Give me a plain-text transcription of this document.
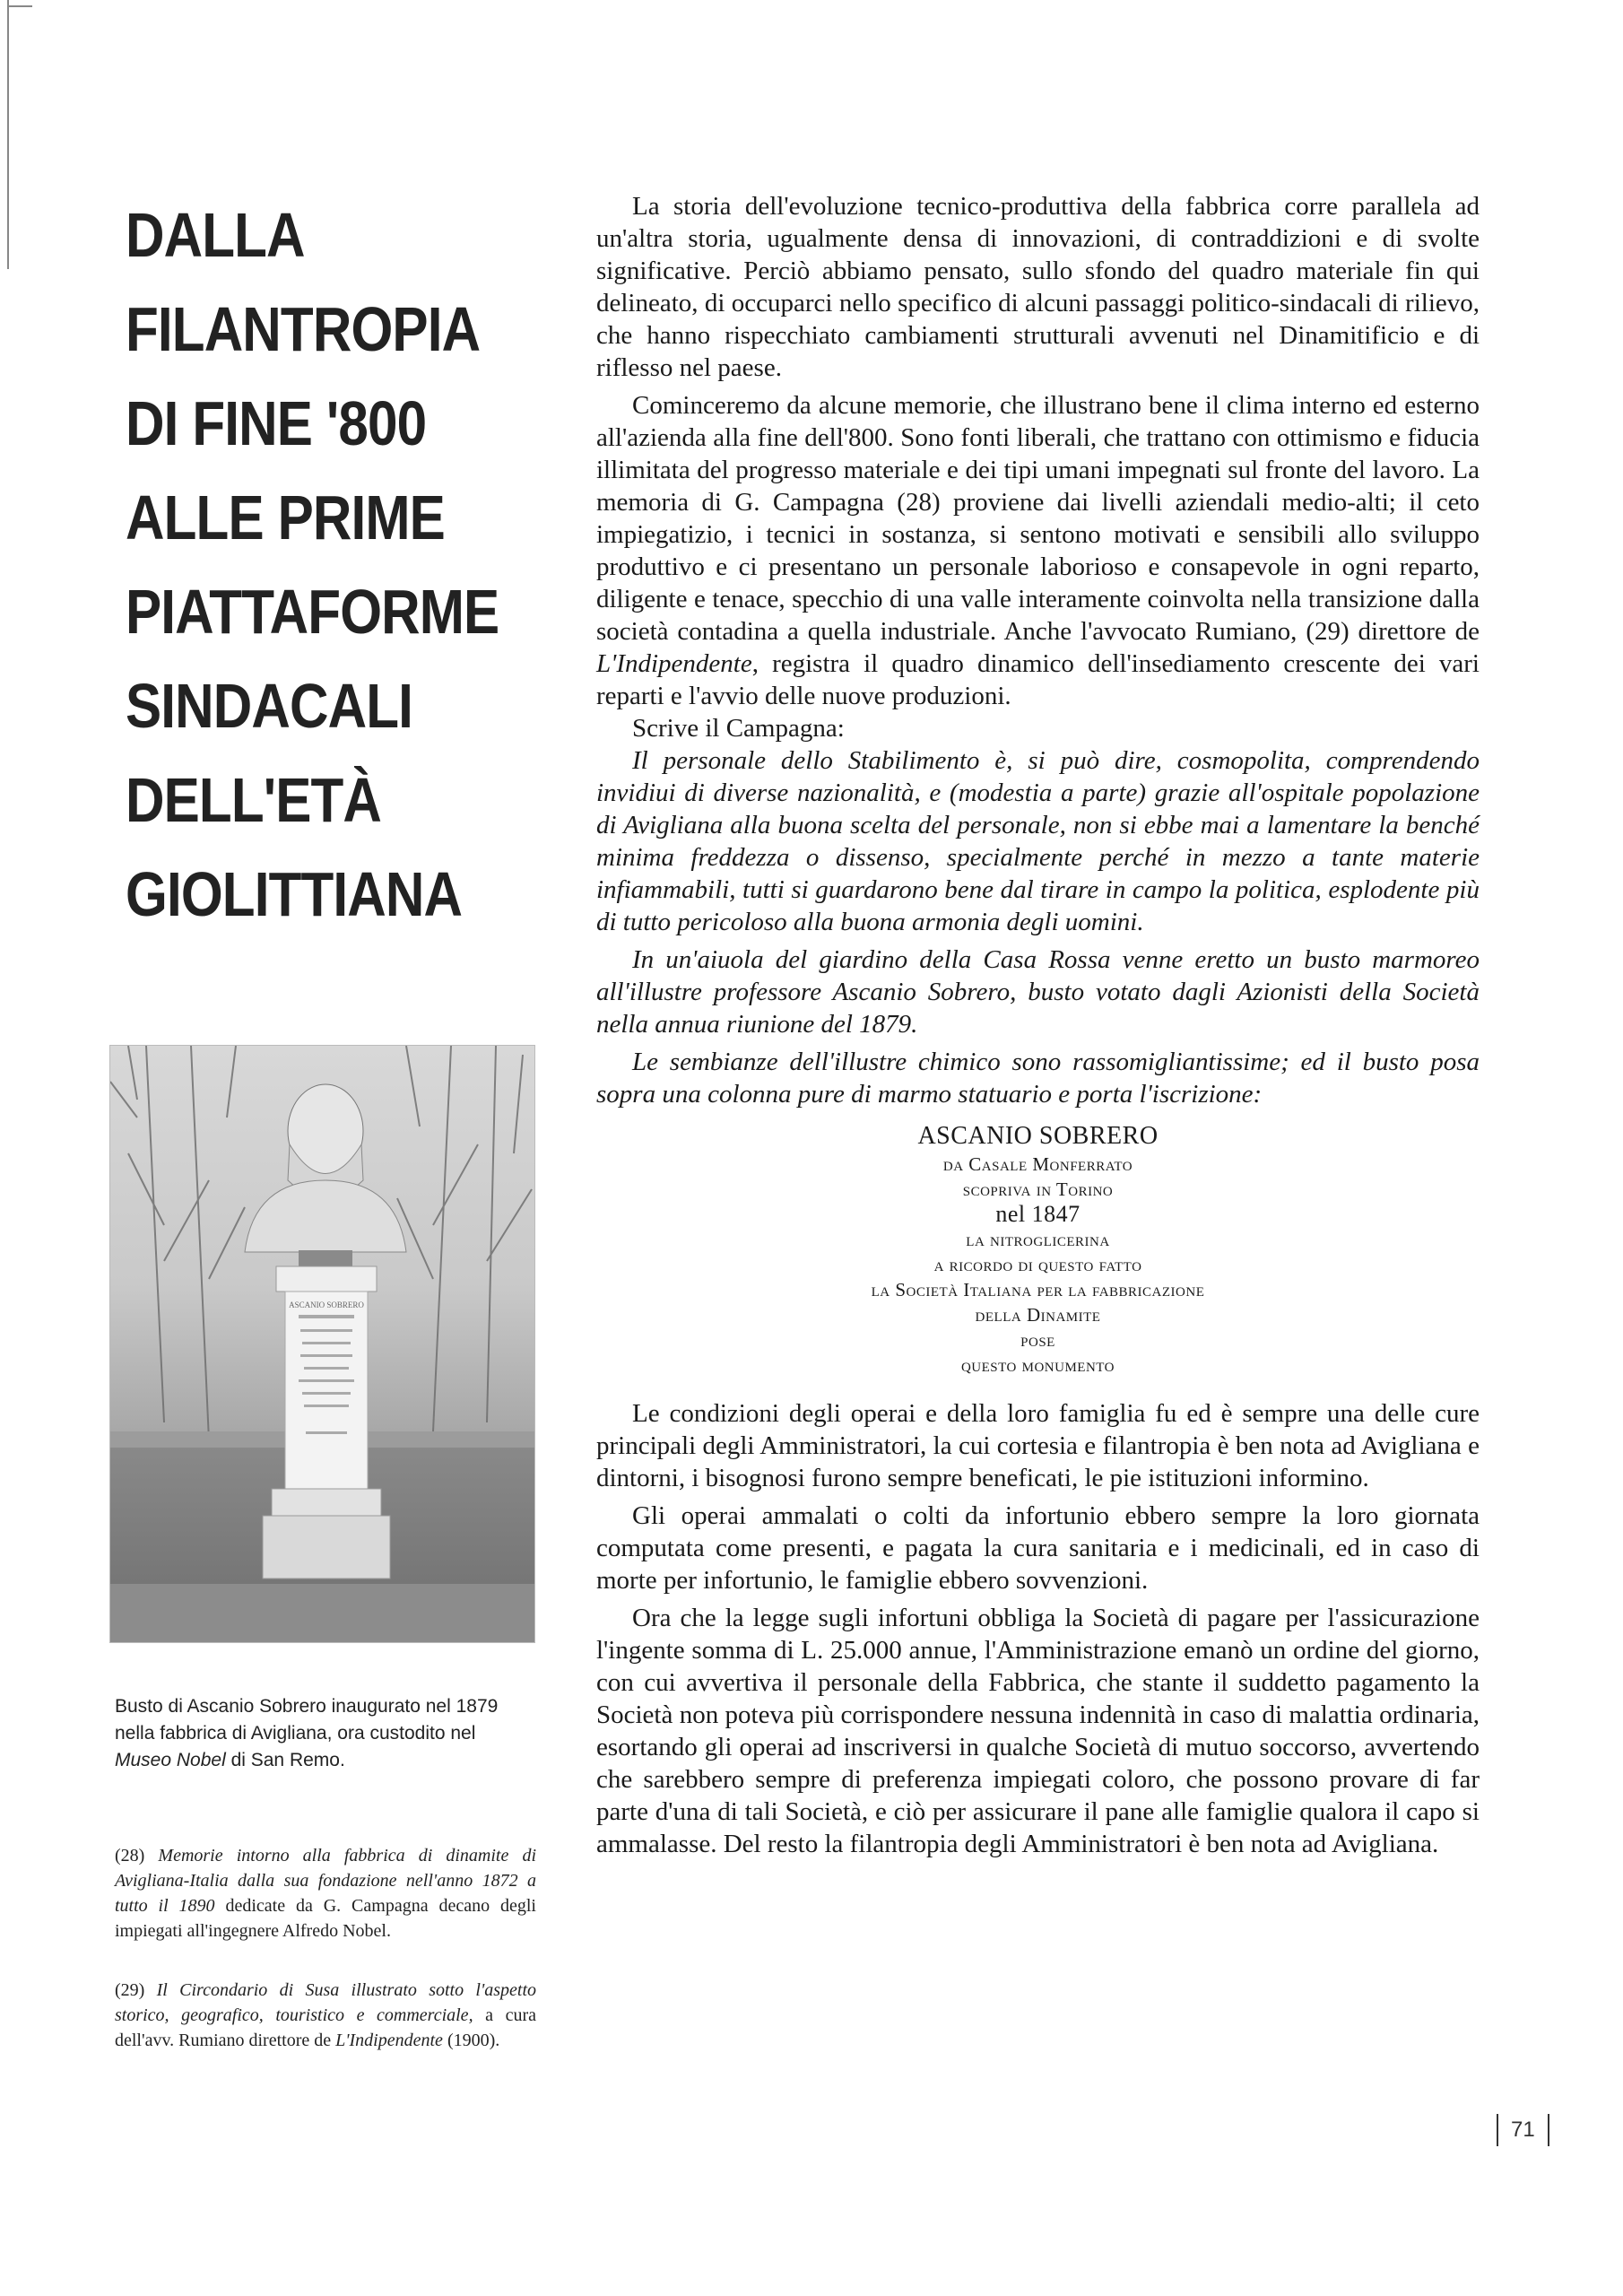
DALLA
FILANTROPIA
DI FINE '800
ALLE PRIME
PIATTAFORME
SINDACALI
DELL'ETÀ
GIOLITTIANA
ASCANIO SOBRERO
Busto di Ascanio Sobrero inaugurato nel 1879 nella fabbrica di Avigliana, ora custodito nel Museo Nobel di San Remo.
(28) Memorie intorno alla fabbrica di dinamite di Avigliana-Italia dalla sua fondazione nell'anno 1872 a tutto il 1890 dedicate da G. Campagna decano degli impiegati all'ingegnere Alfredo Nobel.
(29) Il Circondario di Susa illustrato sotto l'aspetto storico, geografico, touristico e commerciale, a cura dell'avv. Rumiano direttore de L'Indipendente (1900).

La storia dell'evoluzione tecnico-produttiva della fabbrica corre parallela ad un'altra storia, ugualmente densa di innovazioni, di contraddizioni e di svolte significative. Perciò abbiamo pensato, sullo sfondo del quadro materiale fin qui delineato, di occuparci nello specifico di alcuni passaggi politico-sindacali di rilievo, che hanno rispecchiato cambiamenti strutturali avvenuti nel Dinamitificio e di riflesso nel paese.

Cominceremo da alcune memorie, che illustrano bene il clima interno ed esterno all'azienda alla fine dell'800. Sono fonti liberali, che trattano con ottimismo e fiducia illimitata del progresso materiale e dei tipi umani impegnati sul fronte del lavoro. La memoria di G. Campagna (28) proviene dai livelli aziendali medio-alti; il ceto impiegatizio, i tecnici in sostanza, si sentono motivati e sensibili allo sviluppo produttivo e ci presentano un personale laborioso e consapevole in ogni reparto, diligente e tenace, specchio di una valle interamente coinvolta nella transizione dalla società contadina a quella industriale. Anche l'avvocato Rumiano, (29) direttore de L'Indipendente, registra il quadro dinamico dell'insediamento crescente dei vari reparti e l'avvio delle nuove produzioni.

Scrive il Campagna:

Il personale dello Stabilimento è, si può dire, cosmopolita, comprendendo invidiui di diverse nazionalità, e (modestia a parte) grazie all'ospitale popolazione di Avigliana alla buona scelta del personale, non si ebbe mai a lamentare la benché minima freddezza o dissenso, specialmente perché in mezzo a tante materie infiammabili, tutti si guardarono bene dal tirare in campo la politica, esplodente più di tutto pericoloso alla buona armonia degli uomini.

In un'aiuola del giardino della Casa Rossa venne eretto un busto marmoreo all'illustre professore Ascanio Sobrero, busto votato dagli Azionisti della Società nella annua riunione del 1879.

Le sembianze dell'illustre chimico sono rassomigliantissime; ed il busto posa sopra una colonna pure di marmo statuario e porta l'iscrizione:

ASCANIO SOBRERO
da Casale Monferrato
scopriva in Torino
nel 1847
la nitroglicerina
a ricordo di questo fatto
la Società Italiana per la fabbricazione
della Dinamite
pose
questo monumento

Le condizioni degli operai e della loro famiglia fu ed è sempre una delle cure principali degli Amministratori, la cui cortesia e filantropia è ben nota ad Avigliana e dintorni, i bisognosi furono sempre beneficati, le pie istituzioni informino.

Gli operai ammalati o colti da infortunio ebbero sempre la loro giornata computata come presenti, e pagata la cura sanitaria e i medicinali, ed in caso di morte per infortunio, le famiglie ebbero sovvenzioni.

Ora che la legge sugli infortuni obbliga la Società di pagare per l'assicurazione l'ingente somma di L. 25.000 annue, l'Amministrazione emanò un ordine del giorno, con cui avvertiva il personale della Fabbrica, che stante il suddetto pagamento la Società non poteva più corrispondere nessuna indennità in caso di malattia ordinaria, esortando gli operai ad inscriversi in qualche Società di mutuo soccorso, avvertendo che sarebbero sempre di preferenza impiegati coloro, che possono provare di far parte d'una di tali Società, e ciò per assicurare il pane alle famiglie qualora il capo si ammalasse. Del resto la filantropia degli Amministratori è ben nota ad Avigliana.

71
